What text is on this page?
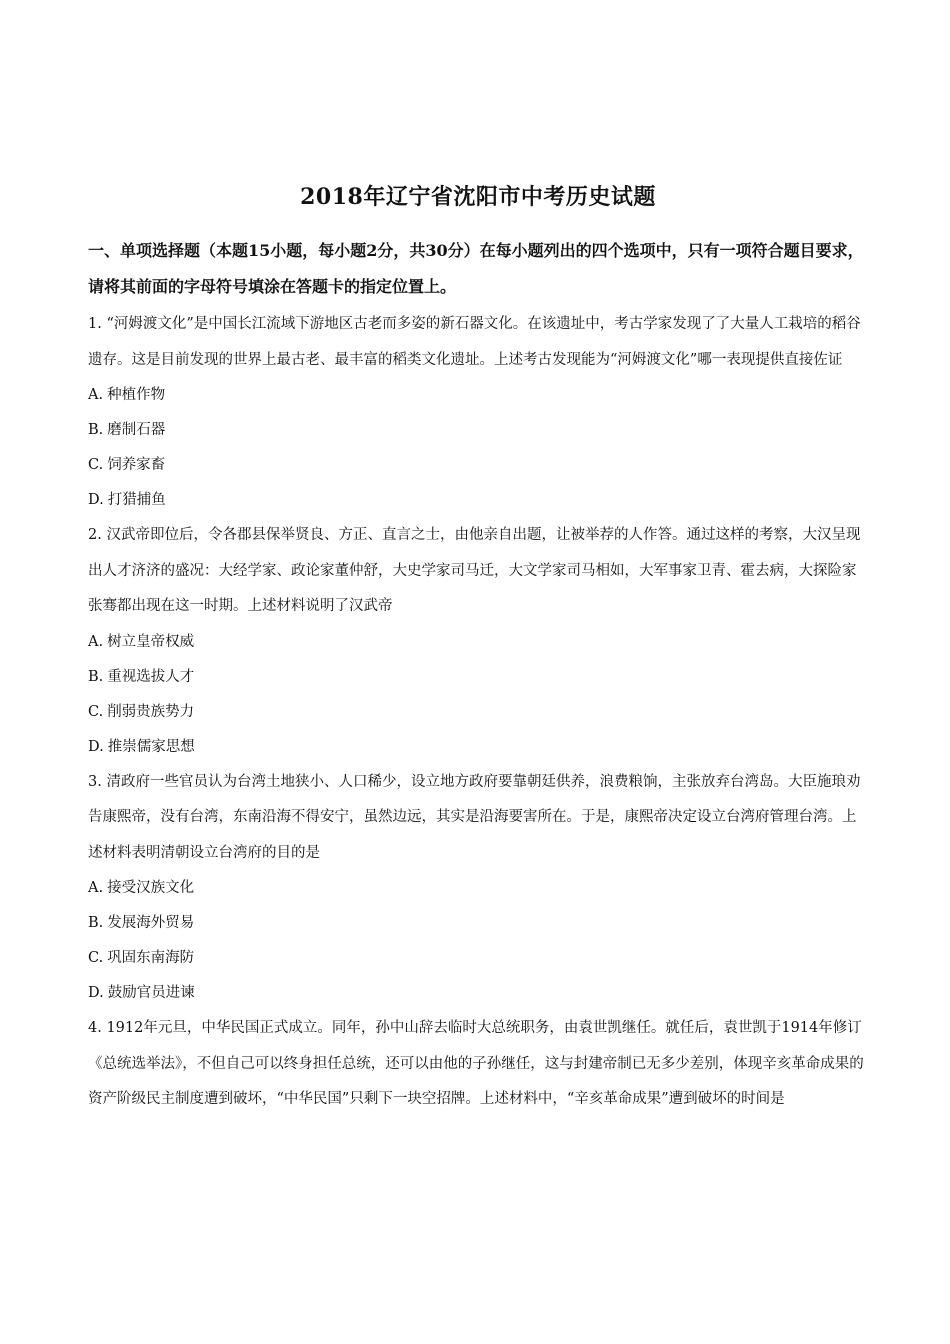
2018年辽宁省沈阳市中考历史试题

一、单项选择题（本题15小题，每小题2分，共30分）在每小题列出的四个选项中，只有一项符合题目要求，请将其前面的字母符号填涂在答题卡的指定位置上。

1. “河姆渡文化”是中国长江流域下游地区古老而多姿的新石器文化。在该遗址中，考古学家发现了了大量人工栽培的稻谷遗存。这是目前发现的世界上最古老、最丰富的稻类文化遗址。上述考古发现能为“河姆渡文化”哪一表现提供直接佐证

A. 种植作物

B. 磨制石器

C. 饲养家畜

D. 打猎捕鱼

2. 汉武帝即位后，令各郡县保举贤良、方正、直言之士，由他亲自出题，让被举荐的人作答。通过这样的考察，大汉呈现出人才济济的盛况：大经学家、政论家董仲舒，大史学家司马迁，大文学家司马相如，大军事家卫青、霍去病，大探险家张骞都出现在这一时期。上述材料说明了汉武帝

A. 树立皇帝权威

B. 重视选拔人才

C. 削弱贵族势力

D. 推崇儒家思想

3. 清政府一些官员认为台湾土地狭小、人口稀少，设立地方政府要靠朝廷供养，浪费粮饷，主张放弃台湾岛。大臣施琅劝告康熙帝，没有台湾，东南沿海不得安宁，虽然边远，其实是沿海要害所在。于是，康熙帝决定设立台湾府管理台湾。上述材料表明清朝设立台湾府的目的是

A. 接受汉族文化

B. 发展海外贸易

C. 巩固东南海防

D. 鼓励官员进谏

4. 1912年元旦，中华民国正式成立。同年，孙中山辞去临时大总统职务，由袁世凯继任。就任后，袁世凯于1914年修订《总统选举法》，不但自己可以终身担任总统，还可以由他的子孙继任，这与封建帝制已无多少差别，体现辛亥革命成果的资产阶级民主制度遭到破坏，“中华民国”只剩下一块空招牌。上述材料中，“辛亥革命成果”遭到破坏的时间是
